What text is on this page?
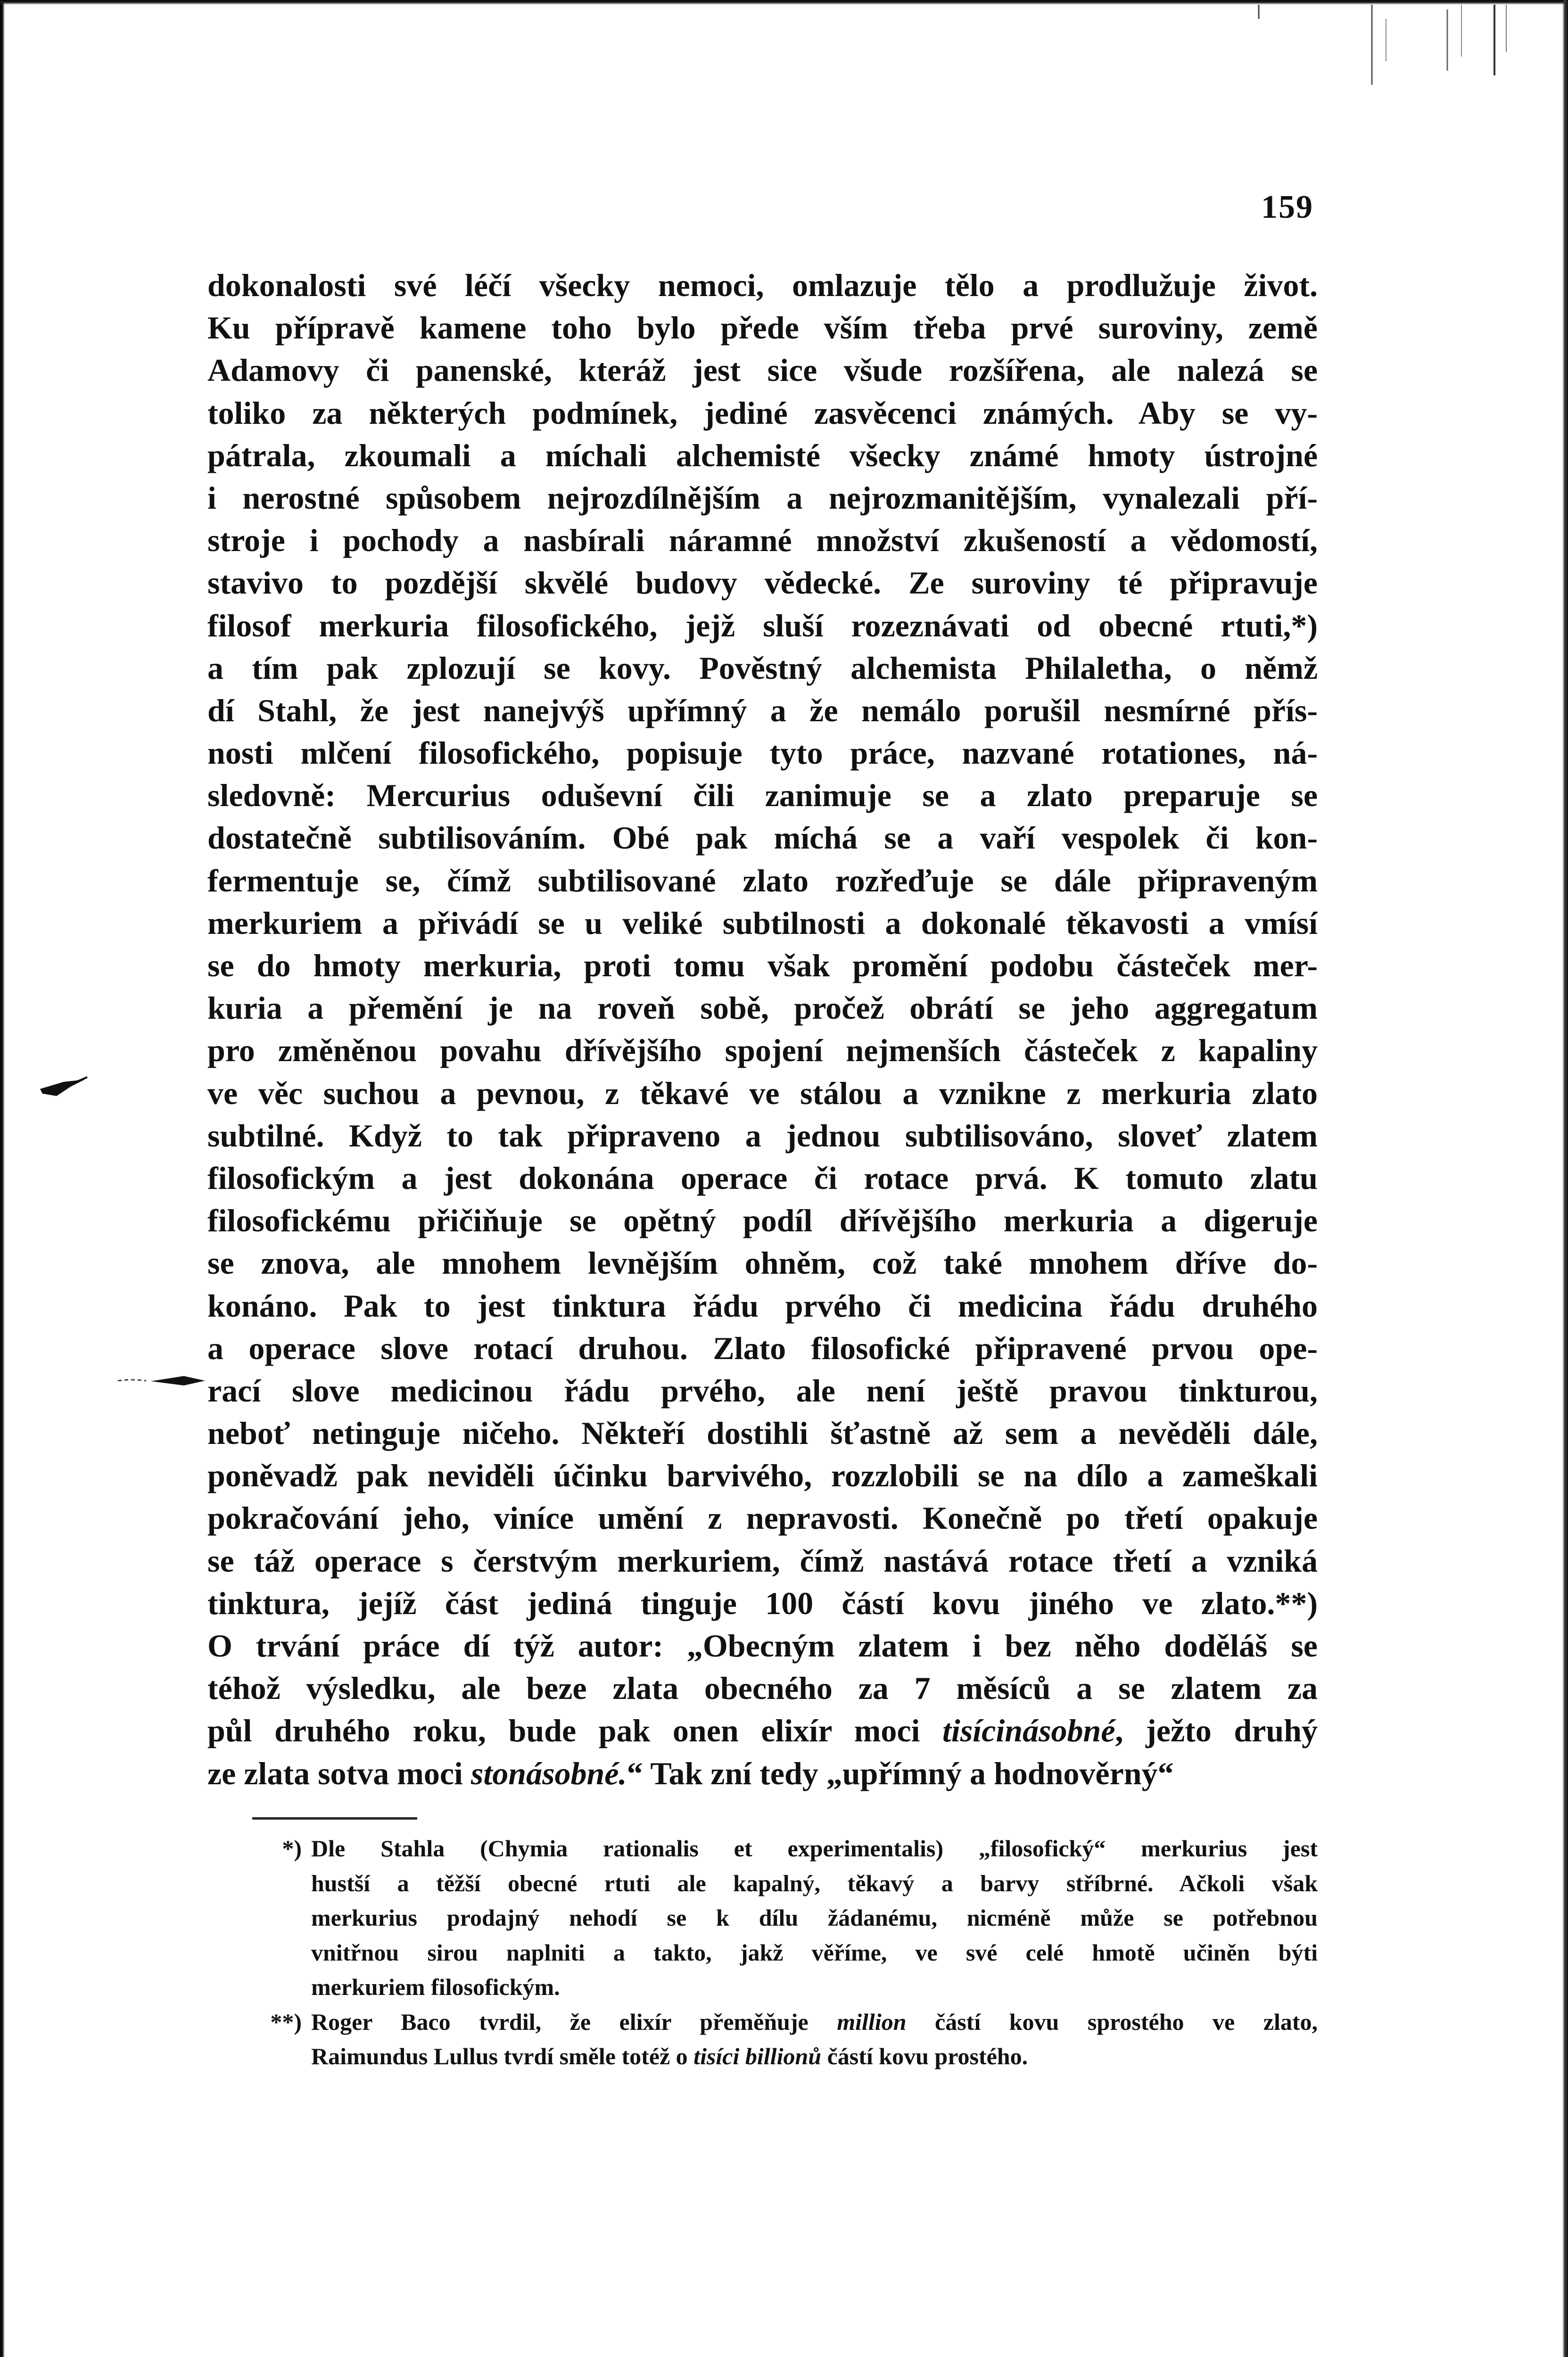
159
dokonalosti své léčí všecky nemoci, omlazuje tělo a prodlužuje život.
Ku přípravě kamene toho bylo přede vším třeba prvé suroviny, země
Adamovy či panenské, kteráž jest sice všude rozšířena, ale nalezá se
toliko za některých podmínek, jediné zasvěcenci známých. Aby se vy-
pátrala, zkoumali a míchali alchemisté všecky známé hmoty ústrojné
i nerostné spůsobem nejrozdílnějším a nejrozmanitějším, vynalezali pří-
stroje i pochody a nasbírali náramné množství zkušeností a vědomostí,
stavivo to pozdější skvělé budovy vědecké. Ze suroviny té připravuje
filosof merkuria filosofického, jejž sluší rozeznávati od obecné rtuti,*)
a tím pak zplozují se kovy. Pověstný alchemista Philaletha, o němž
dí Stahl, že jest nanejvýš upřímný a že nemálo porušil nesmírné přís-
nosti mlčení filosofického, popisuje tyto práce, nazvané rotationes, ná-
sledovně: Mercurius oduševní čili zanimuje se a zlato preparuje se
dostatečně subtilisováním. Obé pak míchá se a vaří vespolek či kon-
fermentuje se, čímž subtilisované zlato rozřeďuje se dále připraveným
merkuriem a přivádí se u veliké subtilnosti a dokonalé těkavosti a vmísí
se do hmoty merkuria, proti tomu však promění podobu částeček mer-
kuria a přemění je na roveň sobě, pročež obrátí se jeho aggregatum
pro změněnou povahu dřívějšího spojení nejmenších částeček z kapaliny
ve věc suchou a pevnou, z těkavé ve stálou a vznikne z merkuria zlato
subtilné. Když to tak připraveno a jednou subtilisováno, sloveť zlatem
filosofickým a jest dokonána operace či rotace prvá. K tomuto zlatu
filosofickému přičiňuje se opětný podíl dřívějšího merkuria a digeruje
se znova, ale mnohem levnějším ohněm, což také mnohem dříve do-
konáno. Pak to jest tinktura řádu prvého či medicina řádu druhého
a operace slove rotací druhou. Zlato filosofické připravené prvou ope-
rací slove medicinou řádu prvého, ale není ještě pravou tinkturou,
neboť netinguje ničeho. Někteří dostihli šťastně až sem a nevěděli dále,
poněvadž pak neviděli účinku barvivého, rozzlobili se na dílo a zameškali
pokračování jeho, viníce umění z nepravosti. Konečně po třetí opakuje
se táž operace s čerstvým merkuriem, čímž nastává rotace třetí a vzniká
tinktura, jejíž část jediná tinguje 100 částí kovu jiného ve zlato.**)
O trvání práce dí týž autor: „Obecným zlatem i bez něho doděláš se
téhož výsledku, ale beze zlata obecného za 7 měsíců a se zlatem za
půl druhého roku, bude pak onen elixír moci tisícinásobné, ježto druhý
ze zlata sotva moci stonásobné.“ Tak zní tedy „upřímný a hodnověrný“
*) Dle Stahla (Chymia rationalis et experimentalis) „filosofický“ merkurius jest
hustší a těžší obecné rtuti ale kapalný, těkavý a barvy stříbrné. Ačkoli však
merkurius prodajný nehodí se k dílu žádanému, nicméně může se potřebnou
vnitřnou sirou naplniti a takto, jakž věříme, ve své celé hmotě učiněn býti
merkuriem filosofickým.
**) Roger Baco tvrdil, že elixír přeměňuje million částí kovu sprostého ve zlato,
Raimundus Lullus tvrdí směle totéž o tisíci billionů částí kovu prostého.
